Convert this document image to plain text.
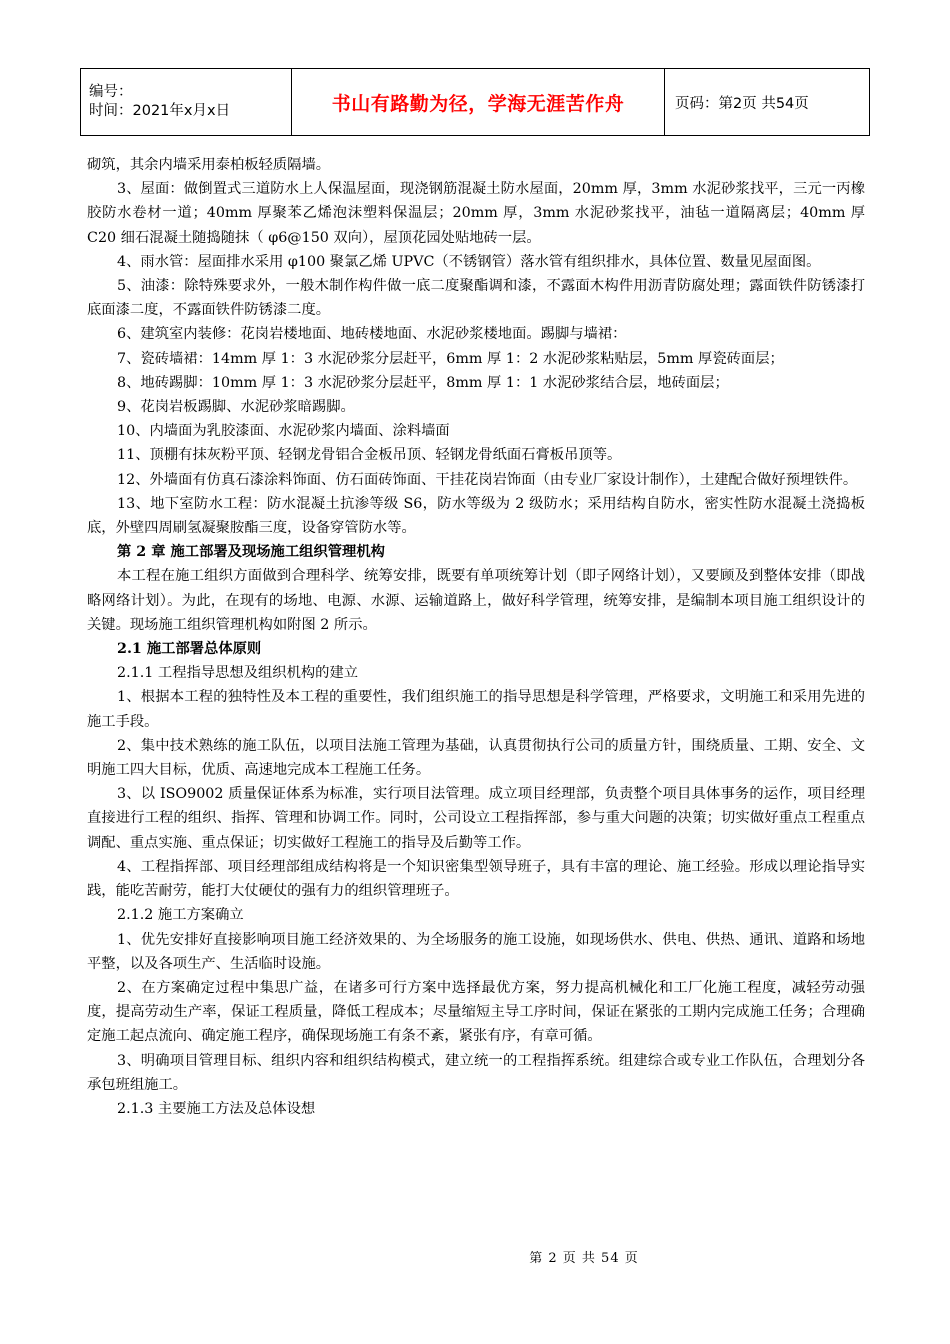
编号：
时间：2021年x月x日	书山有路勤为径，学海无涯苦作舟	页码：第2页 共54页

砌筑，其余内墙采用泰柏板轻质隔墙。

3、屋面：做倒置式三道防水上人保温屋面，现浇钢筋混凝土防水屋面，20mm 厚，3mm 水泥砂浆找平，三元一丙橡胶防水卷材一道；40mm 厚聚苯乙烯泡沫塑料保温层；20mm 厚，3mm 水泥砂浆找平，油毡一道隔离层；40mm 厚 C20 细石混凝土随捣随抹（ φ6@150 双向），屋顶花园处贴地砖一层。

4、雨水管：屋面排水采用 φ100 聚氯乙烯 UPVC（不锈钢管）落水管有组织排水，具体位置、数量见屋面图。

5、油漆：除特殊要求外，一般木制作构件做一底二度聚酯调和漆，不露面木构件用沥青防腐处理；露面铁件防锈漆打底面漆二度，不露面铁件防锈漆二度。

6、建筑室内装修：花岗岩楼地面、地砖楼地面、水泥砂浆楼地面。踢脚与墙裙：

7、瓷砖墙裙：14mm 厚 1：3 水泥砂浆分层赶平，6mm 厚 1：2 水泥砂浆粘贴层，5mm 厚瓷砖面层；

8、地砖踢脚：10mm 厚 1：3 水泥砂浆分层赶平，8mm 厚 1：1 水泥砂浆结合层，地砖面层；

9、花岗岩板踢脚、水泥砂浆暗踢脚。

10、内墙面为乳胶漆面、水泥砂浆内墙面、涂料墙面

11、顶棚有抹灰粉平顶、轻钢龙骨铝合金板吊顶、轻钢龙骨纸面石膏板吊顶等。

12、外墙面有仿真石漆涂料饰面、仿石面砖饰面、干挂花岗岩饰面（由专业厂家设计制作），土建配合做好预埋铁件。

13、地下室防水工程：防水混凝土抗渗等级 S6，防水等级为 2 级防水；采用结构自防水，密实性防水混凝土浇捣板底，外壁四周刷氢凝聚胺酯三度，设备穿管防水等。

第 2 章 施工部署及现场施工组织管理机构

本工程在施工组织方面做到合理科学、统筹安排，既要有单项统筹计划（即子网络计划），又要顾及到整体安排（即战略网络计划）。为此，在现有的场地、电源、水源、运输道路上，做好科学管理，统筹安排，是编制本项目施工组织设计的关键。现场施工组织管理机构如附图 2 所示。

2.1 施工部署总体原则

2.1.1 工程指导思想及组织机构的建立

1、根据本工程的独特性及本工程的重要性，我们组织施工的指导思想是科学管理，严格要求，文明施工和采用先进的施工手段。

2、集中技术熟练的施工队伍，以项目法施工管理为基础，认真贯彻执行公司的质量方针，围绕质量、工期、安全、文明施工四大目标，优质、高速地完成本工程施工任务。

3、以 ISO9002 质量保证体系为标准，实行项目法管理。成立项目经理部，负责整个项目具体事务的运作，项目经理直接进行工程的组织、指挥、管理和协调工作。同时，公司设立工程指挥部，参与重大问题的决策；切实做好重点工程重点调配、重点实施、重点保证；切实做好工程施工的指导及后勤等工作。

4、工程指挥部、项目经理部组成结构将是一个知识密集型领导班子，具有丰富的理论、施工经验。形成以理论指导实践，能吃苦耐劳，能打大仗硬仗的强有力的组织管理班子。

2.1.2 施工方案确立

1、优先安排好直接影响项目施工经济效果的、为全场服务的施工设施，如现场供水、供电、供热、通讯、道路和场地平整，以及各项生产、生活临时设施。

2、在方案确定过程中集思广益，在诸多可行方案中选择最优方案，努力提高机械化和工厂化施工程度，减轻劳动强度，提高劳动生产率，保证工程质量，降低工程成本；尽量缩短主导工序时间，保证在紧张的工期内完成施工任务；合理确定施工起点流向、确定施工程序，确保现场施工有条不紊，紧张有序，有章可循。

3、明确项目管理目标、组织内容和组织结构模式，建立统一的工程指挥系统。组建综合或专业工作队伍，合理划分各承包班组施工。

2.1.3 主要施工方法及总体设想

第 2 页 共 54 页
